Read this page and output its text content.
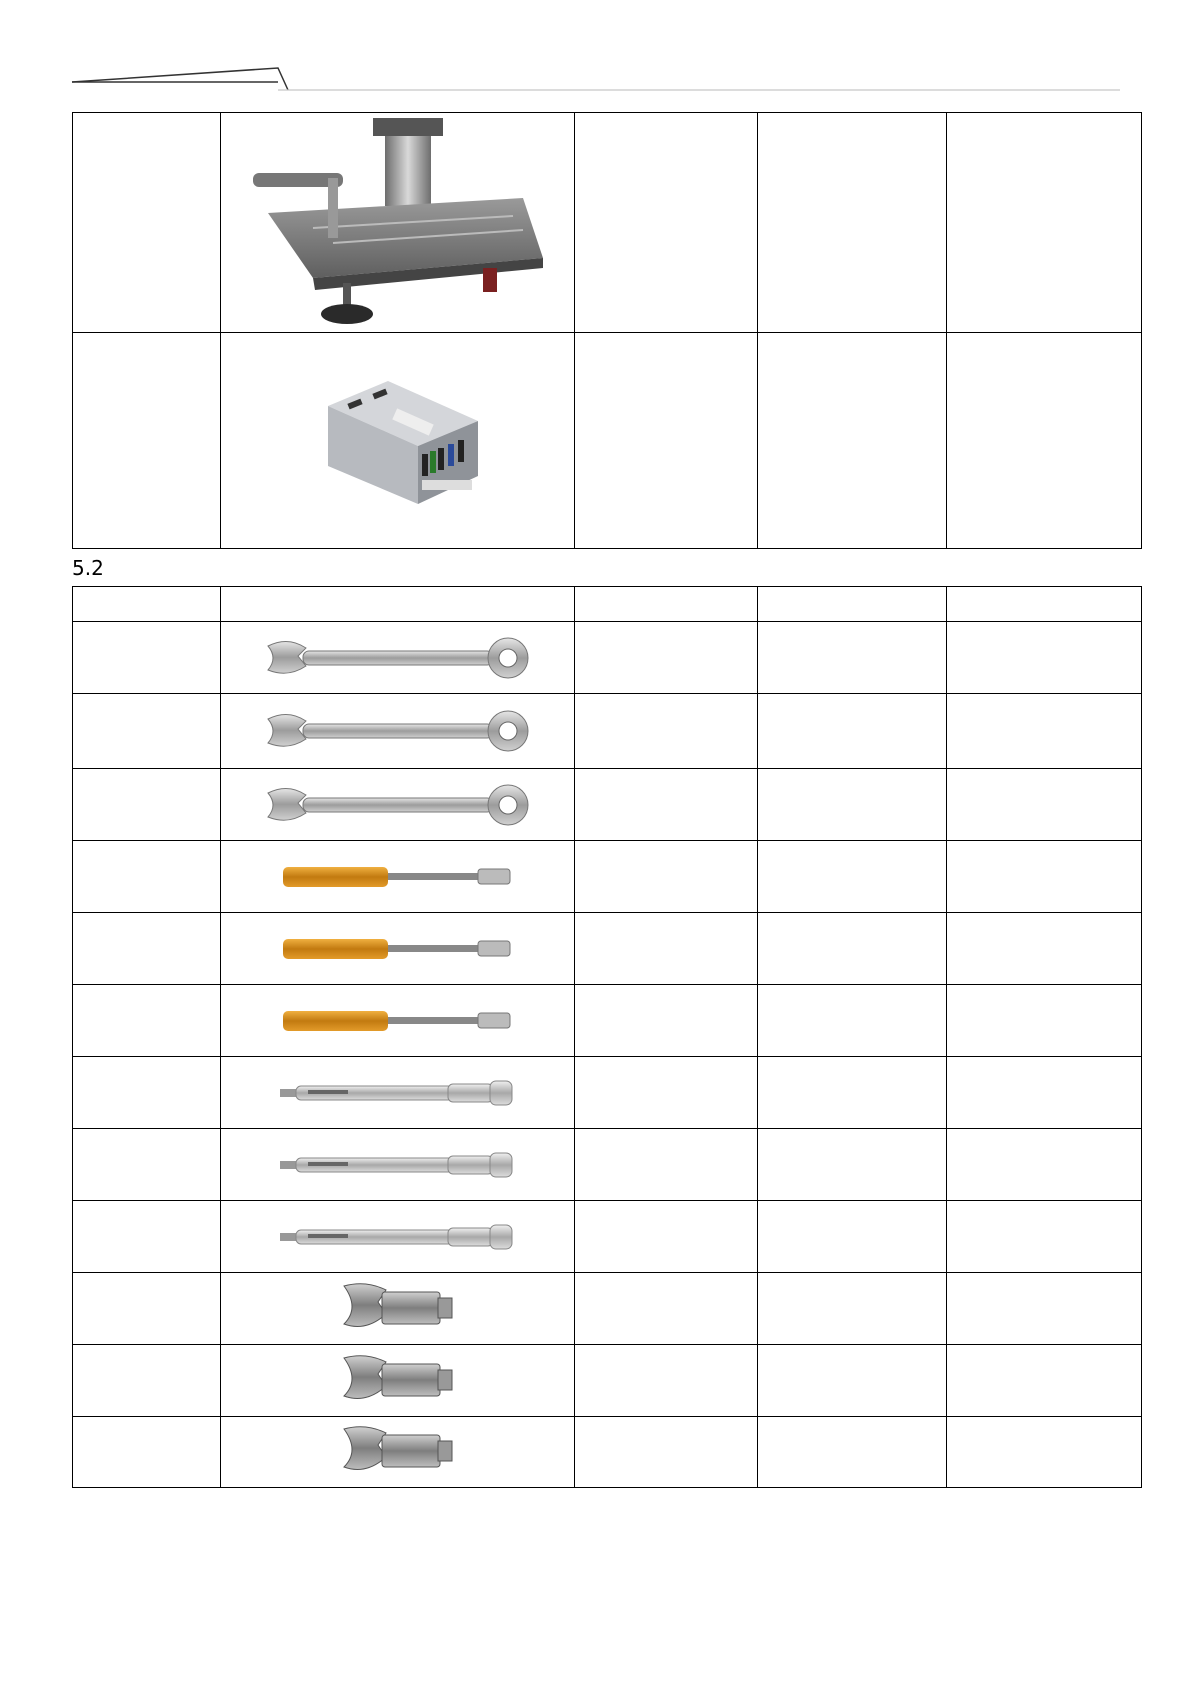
5.2
